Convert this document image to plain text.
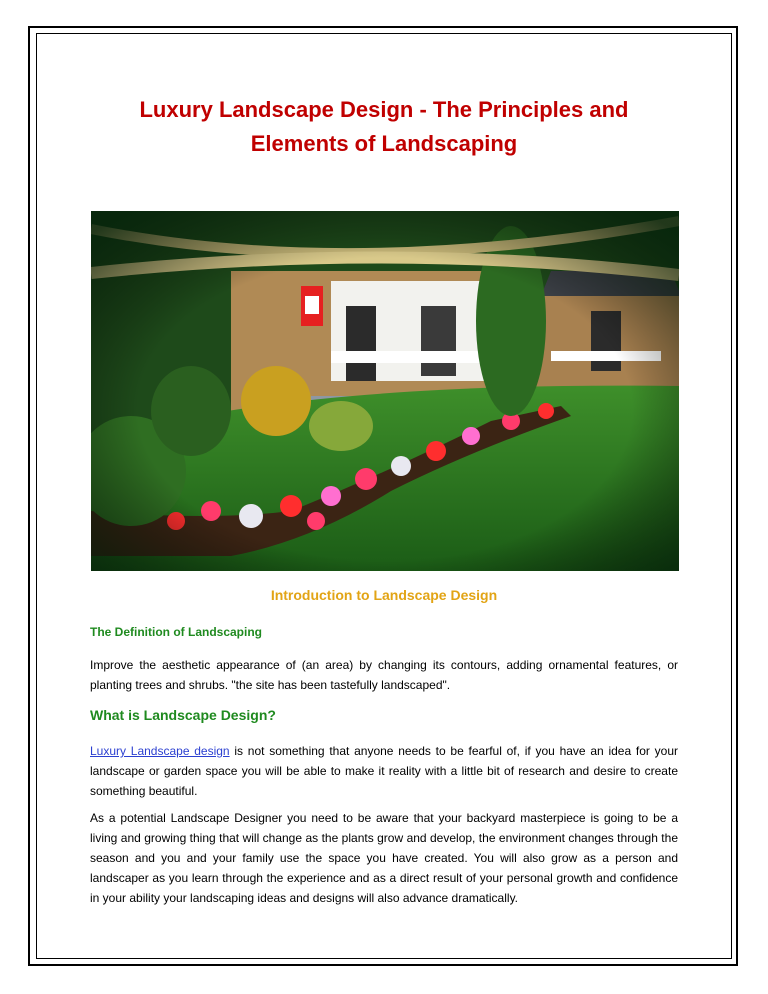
Luxury Landscape Design - The Principles and
Elements of Landscaping
Introduction to Landscape Design
The Definition of Landscaping

Improve the aesthetic appearance of (an area) by changing its contours, adding ornamental features, or planting trees and shrubs. "the site has been tastefully landscaped".

What is Landscape Design?

Luxury Landscape design is not something that anyone needs to be fearful of, if you have an idea for your landscape or garden space you will be able to make it reality with a little bit of research and desire to create something beautiful.

As a potential Landscape Designer you need to be aware that your backyard masterpiece is going to be a living and growing thing that will change as the plants grow and develop, the environment changes through the season and you and your family use the space you have created. You will also grow as a person and landscaper as you learn through the experience and as a direct result of your personal growth and confidence in your ability your landscaping ideas and designs will also advance dramatically.
